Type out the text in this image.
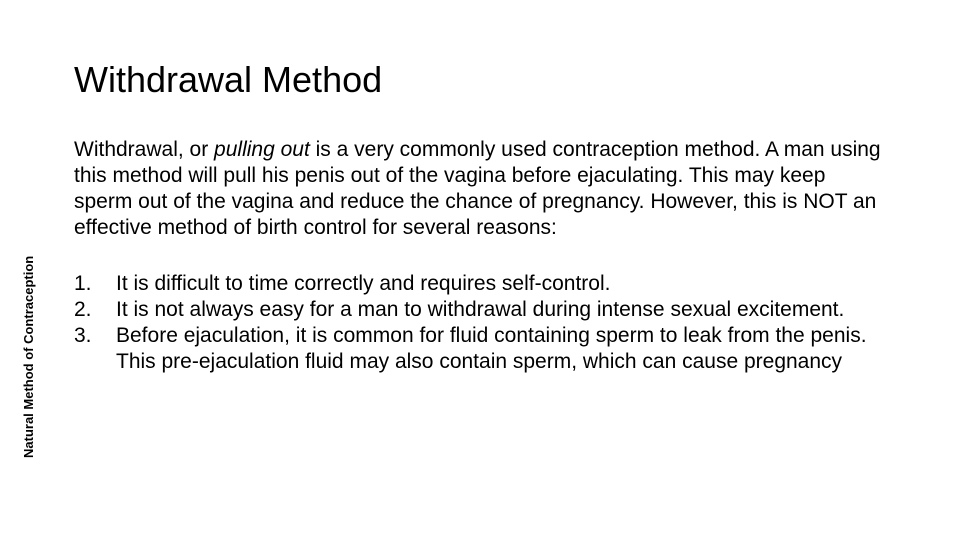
Natural Method of Contraception
Withdrawal Method

Withdrawal, or pulling out is a very commonly used contraception method. A man using this method will pull his penis out of the vagina before ejaculating. This may keep sperm out of the vagina and reduce the chance of pregnancy. However, this is NOT an effective method of birth control for several reasons:

1. It is difficult to time correctly and requires self-control.
2. It is not always easy for a man to withdrawal during intense sexual excitement.
3. Before ejaculation, it is common for fluid containing sperm to leak from the penis. This pre-ejaculation fluid may also contain sperm, which can cause pregnancy
